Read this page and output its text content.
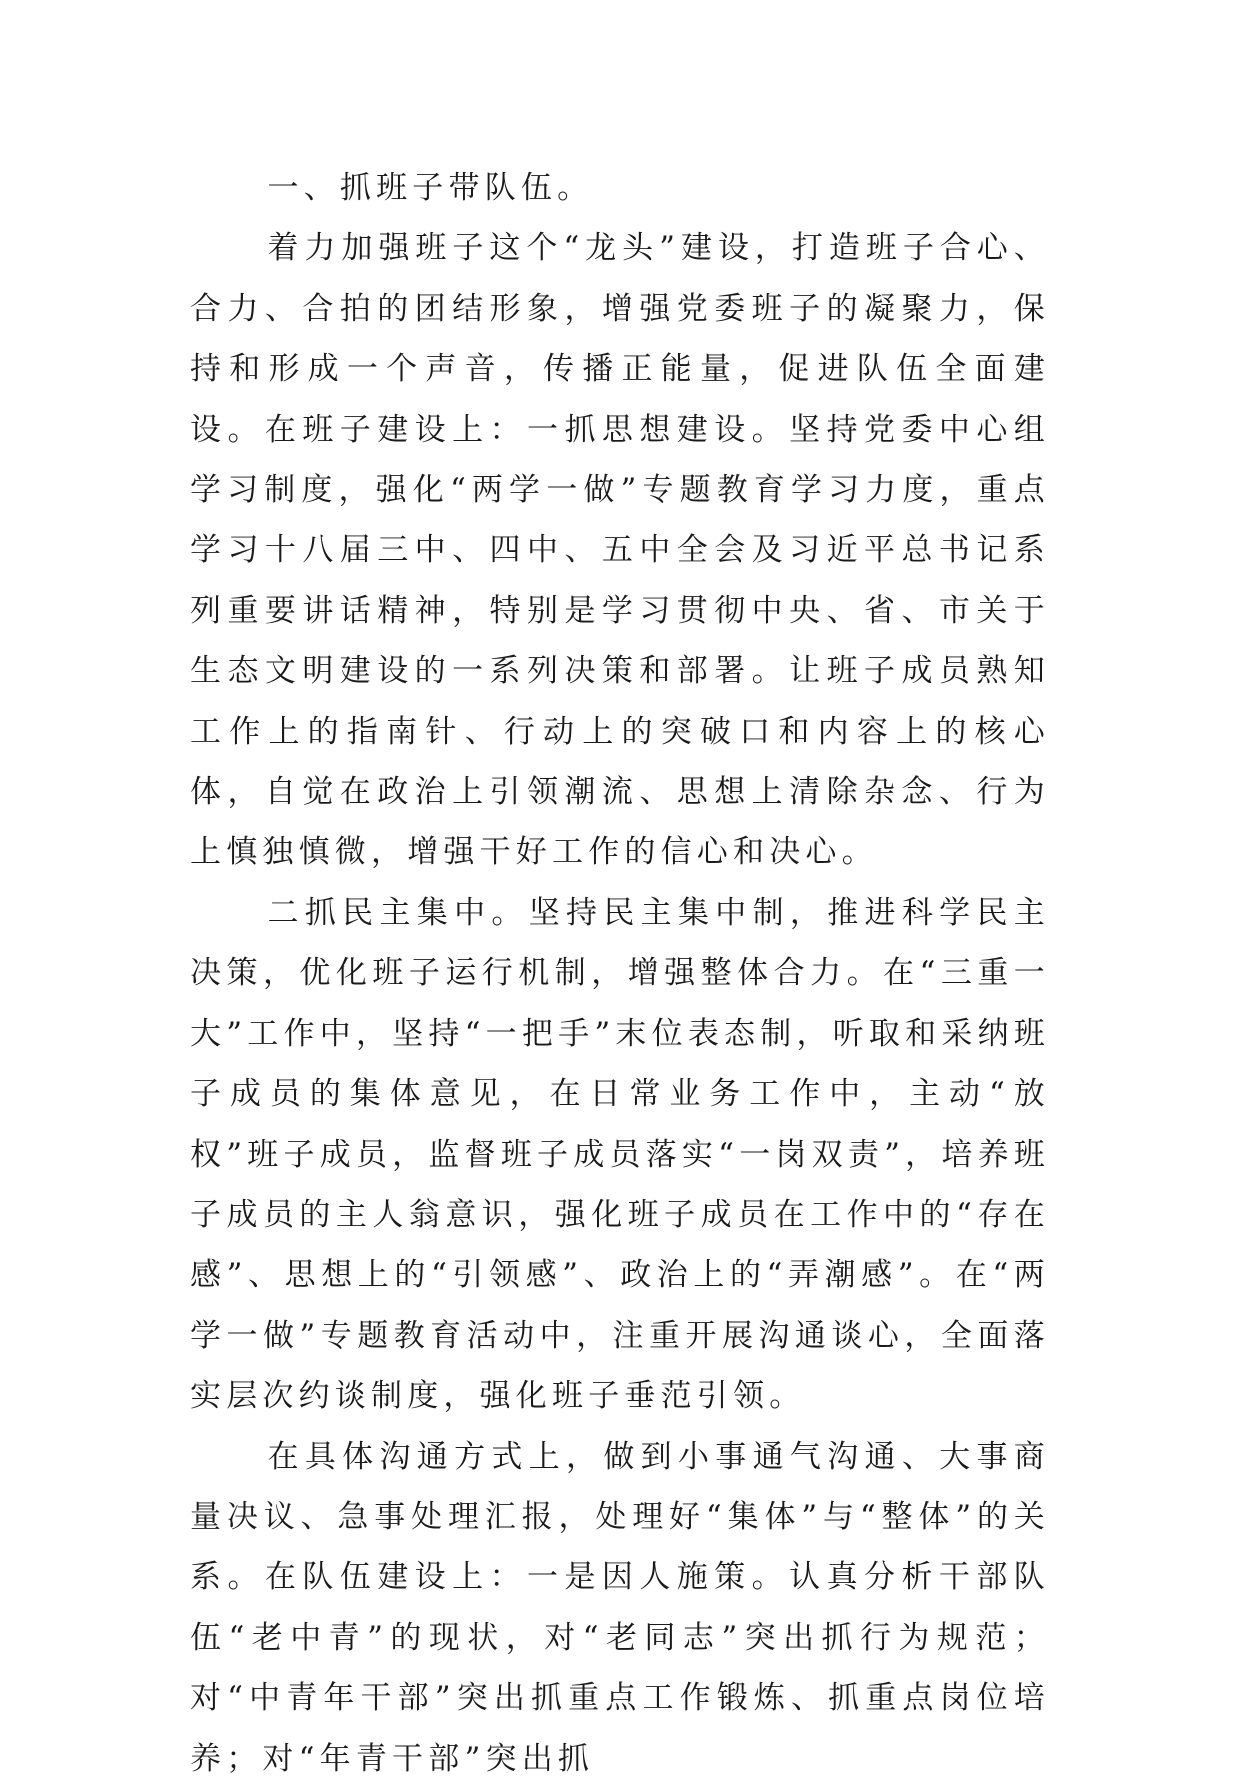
一、抓班子带队伍。

着力加强班子这个“龙头”建设，打造班子合心、合力、合拍的团结形象，增强党委班子的凝聚力，保持和形成一个声音，传播正能量，促进队伍全面建设。在班子建设上：一抓思想建设。坚持党委中心组学习制度，强化“两学一做”专题教育学习力度，重点学习十八届三中、四中、五中全会及习近平总书记系列重要讲话精神，特别是学习贯彻中央、省、市关于生态文明建设的一系列决策和部署。让班子成员熟知工作上的指南针、行动上的突破口和内容上的核心体，自觉在政治上引领潮流、思想上清除杂念、行为上慎独慎微，增强干好工作的信心和决心。

二抓民主集中。坚持民主集中制，推进科学民主决策，优化班子运行机制，增强整体合力。在“三重一大”工作中，坚持“一把手”末位表态制，听取和采纳班子成员的集体意见，在日常业务工作中，主动“放权”班子成员，监督班子成员落实“一岗双责”，培养班子成员的主人翁意识，强化班子成员在工作中的“存在感”、思想上的“引领感”、政治上的“弄潮感”。在“两学一做”专题教育活动中，注重开展沟通谈心，全面落实层次约谈制度，强化班子垂范引领。

在具体沟通方式上，做到小事通气沟通、大事商量决议、急事处理汇报，处理好“集体”与“整体”的关系。在队伍建设上：一是因人施策。认真分析干部队伍“老中青”的现状，对“老同志”突出抓行为规范；对“中青年干部”突出抓重点工作锻炼、抓重点岗位培养；对“年青干部”突出抓
